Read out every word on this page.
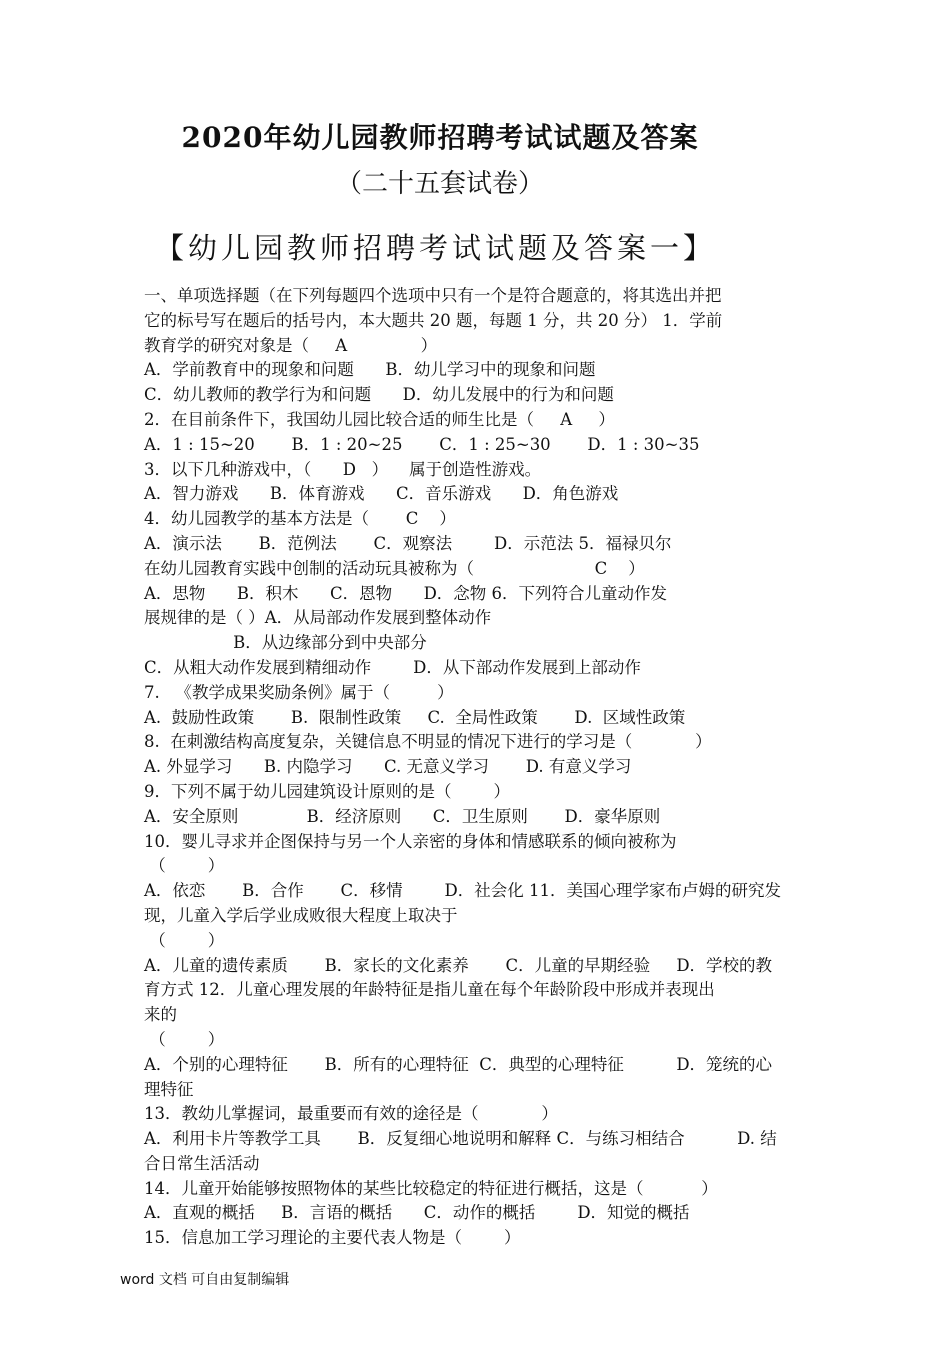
2020年幼儿园教师招聘考试试题及答案
（二十五套试卷）
【幼儿园教师招聘考试试题及答案一】
一、单项选择题（在下列每题四个选项中只有一个是符合题意的，将其选出并把
它的标号写在题后的括号内，本大题共 20 题，每题 1 分，共 20 分） 1．学前
教育学的研究对象是（     A              ）
A．学前教育中的现象和问题      B．幼儿学习中的现象和问题
C．幼儿教师的教学行为和问题      D．幼儿发展中的行为和问题
2．在目前条件下，我国幼儿园比较合适的师生比是（     A     ）
A．1 : 15~20       B．1 : 20~25       C．1 : 25~30       D．1 : 30~35
3．以下几种游戏中，（      D   ）    属于创造性游戏。
A．智力游戏      B．体育游戏      C．音乐游戏      D．角色游戏
4．幼儿园教学的基本方法是（       C    ）
A．演示法       B．范例法       C．观察法        D．示范法 5．福禄贝尔
在幼儿园教育实践中创制的活动玩具被称为（                       C    ）
A．思物      B．积木      C．恩物      D．念物 6．下列符合儿童动作发
展规律的是（ ）A．从局部动作发展到整体动作
B．从边缘部分到中央部分
C．从粗大动作发展到精细动作        D．从下部动作发展到上部动作
7.   《教学成果奖励条例》属于（         ）
A.  鼓励性政策       B.  限制性政策     C.  全局性政策       D.  区域性政策
8.  在刺激结构高度复杂，关键信息不明显的情况下进行的学习是（            ）
A. 外显学习      B. 内隐学习      C. 无意义学习       D. 有意义学习
9．下列不属于幼儿园建筑设计原则的是（        ）
A．安全原则             B．经济原则      C．卫生原则       D．豪华原则
10．婴儿寻求并企图保持与另一个人亲密的身体和情感联系的倾向被称为
（        ）
A．依恋       B．合作       C．移情        D．社会化 11．美国心理学家布卢姆的研究发
现，儿童入学后学业成败很大程度上取决于
（        ）
A．儿童的遗传素质       B．家长的文化素养       C．儿童的早期经验     D．学校的教
育方式 12．儿童心理发展的年龄特征是指儿童在每个年龄阶段中形成并表现出
来的
（        ）
A．个别的心理特征       B．所有的心理特征  C．典型的心理特征          D．笼统的心
理特征
13．教幼儿掌握词，最重要而有效的途径是（            ）
A．利用卡片等教学工具       B．反复细心地说明和解释 C．与练习相结合          D. 结
合日常生活活动
14．儿童开始能够按照物体的某些比较稳定的特征进行概括，这是（           ）
A．直观的概括     B．言语的概括      C．动作的概括        D．知觉的概括
15．信息加工学习理论的主要代表人物是（        ）
word 文档 可自由复制编辑
